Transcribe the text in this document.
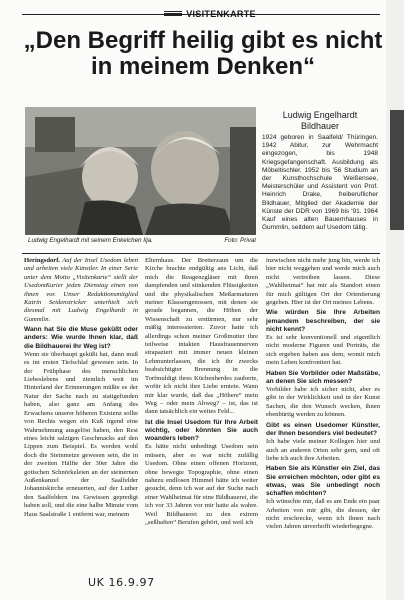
VISITENKARTE
„Den Begriff heilig gibt es nicht in meinem Denken“
Ludwig Engelhardt mit seinem Enkelchen Ilja.	Foto: Privat
Ludwig Engelhardt
Bildhauer
1924 geboren in Saalfeld/ Thüringen. 1942 Abitur, zur Wehrmacht eingezogen, bis 1948 Kriegsgefangenschaft. Ausbildung als Möbeltischler. 1952 bis '56 Studium an der Kunsthochschule Weißensee, Meisterschüler und Assistent von Prof. Heinrich Drake, freiberuflicher Bildhauer, Mitglied der Akademie der Künste der DDR von 1969 bis '91. 1964 Kauf eines alten Bauernhauses in Gummlin, seitdem auf Usedom tätig.

Heringsdorf. Auf der Insel Usedom leben und arbeiten viele Künstler. In einer Serie unter dem Motto „Visitenkarte“ stellt der UsedomKurier jeden Dienstag einen von ihnen vor. Unser Redaktionsmitglied Katrin Seidenstricker unterhielt sich diesmal mit Ludwig Engelhardt in Gummlin.

Wann hat Sie die Muse geküßt oder anders: Wie wurde Ihnen klar, daß die Bildhauerei Ihr Weg ist?

Wenn sie überhaupt geküßt hat, dann muß es im ersten Tiefschlaf gewesen sein. In der Frühphase des menschlichen Liebeslebens und ziemlich weit im Hinterland der Erinnerungen müßte es der Natur der Sache nach zu stattgefunden haben, also ganz am Anfang des Erwachens unserer höheren Existenz sollte von Rechts wegen ein Kuß irgend eine Wahrnehmung ausgelöst haben, den Rest eines leicht salzigen Geschmacks auf den Lippen zum Beispiel. Es werden wohl doch die Steinmetze gewesen sein, die in der zweiten Hälfte der 30er Jahre die gotischen Schnörkeleien an der steinernen Außenkanzel der Saalfelder Johanniskirche erneuerten, auf der Luther den Saalfeldern ins Gewissen gepredigt haben soll, und die eine halbe Minute vom Haus Saalstraße 1 entfernt war, meinem

Elternhaus. Der Bretterzaun um die Kirche brachte endgültig ans Licht, daß mich die Reagenzgläser mit ihren dampfenden und stinkenden Flüssigkeiten und die physikalischen Meßarmaturen meiner Klassengenossen, mit denen sie gerade begannen, die Höhen der Wissenschaft zu erstürmen, nur sehr mäßig interessierten. Zuvor hatte ich allerdings schon meiner Großmutter ihre teilweise intakten Hausfrauennerven strapaziert mit immer neuen kleinen Lehmunterlassen, die ich ihr zwecks beabsichtigter Brennung in die Torfmuldigt ihres Küchenherdes zauberte, wofür ich nicht ihre Liebe erntete. Wann mir klar wurde, daß das „Höhere“ mein Weg – oder mein Abweg? – ist, das ist dann tatsächlich ein weites Feld...

Ist die Insel Usedom für Ihre Arbeit wichtig, oder könnten Sie auch woanders leben?

Es hätte nicht unbedingt Usedom sein müssen, aber es war nicht zufällig Usedom. Ohne einen offenen Horizont, ohne bewegte Topographie, ohne einen nahezu endlosen Himmel hätte ich weiter gesucht, denn ich war auf der Suche nach einer Wahlheimat für eine Bildhauerei, die ich vor 33 Jahren vor mir hatte als wahre. Weil Bildhauerei zu den extrem „seßhaften“ Berufen gehört, und weil ich

inzwischen nicht mehr jung bin, werde ich hier nicht weggehen und werde mich auch nicht vertreiben lassen. Diese „Wahlheimat“ hat mir als Standort einen für mich gültigen Ort der Orientierung gegeben. Hier ist der Ort meines Lebens.

Wie würden Sie Ihre Arbeiten jemandem beschreiben, der sie nicht kennt?

Es ist sehr konventionell und eigentlich nicht moderne Figuren und Porträts, die sich ergeben haben aus dem, womit mich mein Leben konfrontiert hat.

Haben Sie Vorbilder oder Maßstäbe, an denen Sie sich messen?

Vorbilder habe ich sicher nicht, aber es gibt in der Wirklichkeit und in der Kunst Sachen, die den Wunsch wecken, ihnen ebenbürtig werden zu können.

Gibt es einen Usedomer Künstler, der Ihnen besonders viel bedeutet?

Ich habe viele meiner Kollegen hier und auch an anderen Orten sehr gern, und oft liebe ich auch ihre Arbeiten.

Haben Sie als Künstler ein Ziel, das Sie erreichen möchten, oder gibt es etwas, was Sie unbedingt noch schaffen möchten?

Ich wünschte mir, daß es am Ende ein paar Arbeiten von mir gibt, die dessen, der nicht erschrecke, wenn ich ihnen nach vielen Jahren unverhofft wiederbegegne.

UK 16.9.97
